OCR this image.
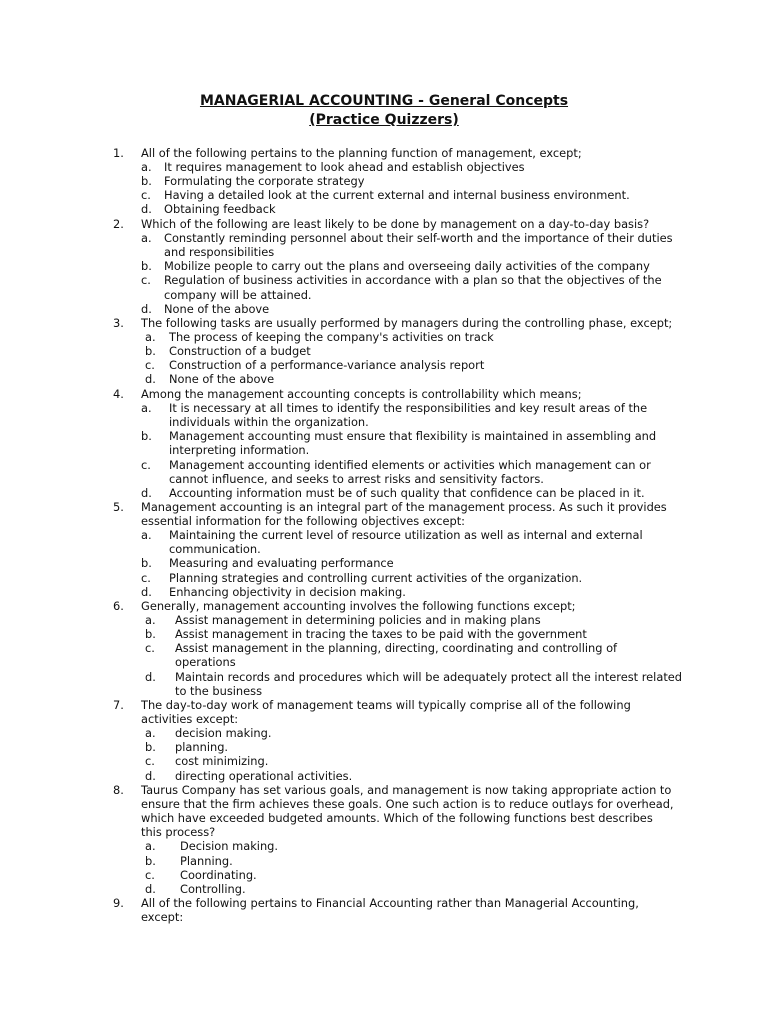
MANAGERIAL ACCOUNTING - General Concepts
(Practice Quizzers)
1. All of the following pertains to the planning function of management, except;
a. It requires management to look ahead and establish objectives
b. Formulating the corporate strategy
c. Having a detailed look at the current external and internal business environment.
d. Obtaining feedback
2. Which of the following are least likely to be done by management on a day-to-day basis?
a. Constantly reminding personnel about their self-worth and the importance of their duties
and responsibilities
b. Mobilize people to carry out the plans and overseeing daily activities of the company
c. Regulation of business activities in accordance with a plan so that the objectives of the
company will be attained.
d. None of the above
3. The following tasks are usually performed by managers during the controlling phase, except;
a. The process of keeping the company's activities on track
b. Construction of a budget
c. Construction of a performance-variance analysis report
d. None of the above
4. Among the management accounting concepts is controllability which means;
a. It is necessary at all times to identify the responsibilities and key result areas of the
individuals within the organization.
b. Management accounting must ensure that flexibility is maintained in assembling and
interpreting information.
c. Management accounting identified elements or activities which management can or
cannot influence, and seeks to arrest risks and sensitivity factors.
d. Accounting information must be of such quality that confidence can be placed in it.
5. Management accounting is an integral part of the management process. As such it provides
essential information for the following objectives except:
a. Maintaining the current level of resource utilization as well as internal and external
communication.
b. Measuring and evaluating performance
c. Planning strategies and controlling current activities of the organization.
d. Enhancing objectivity in decision making.
6. Generally, management accounting involves the following functions except;
a. Assist management in determining policies and in making plans
b. Assist management in tracing the taxes to be paid with the government
c. Assist management in the planning, directing, coordinating and controlling of
operations
d. Maintain records and procedures which will be adequately protect all the interest related
to the business
7. The day-to-day work of management teams will typically comprise all of the following
activities except:
a. decision making.
b. planning.
c. cost minimizing.
d. directing operational activities.
8. Taurus Company has set various goals, and management is now taking appropriate action to
ensure that the firm achieves these goals. One such action is to reduce outlays for overhead,
which have exceeded budgeted amounts. Which of the following functions best describes
this process?
a. Decision making.
b. Planning.
c. Coordinating.
d. Controlling.
9. All of the following pertains to Financial Accounting rather than Managerial Accounting,
except:
